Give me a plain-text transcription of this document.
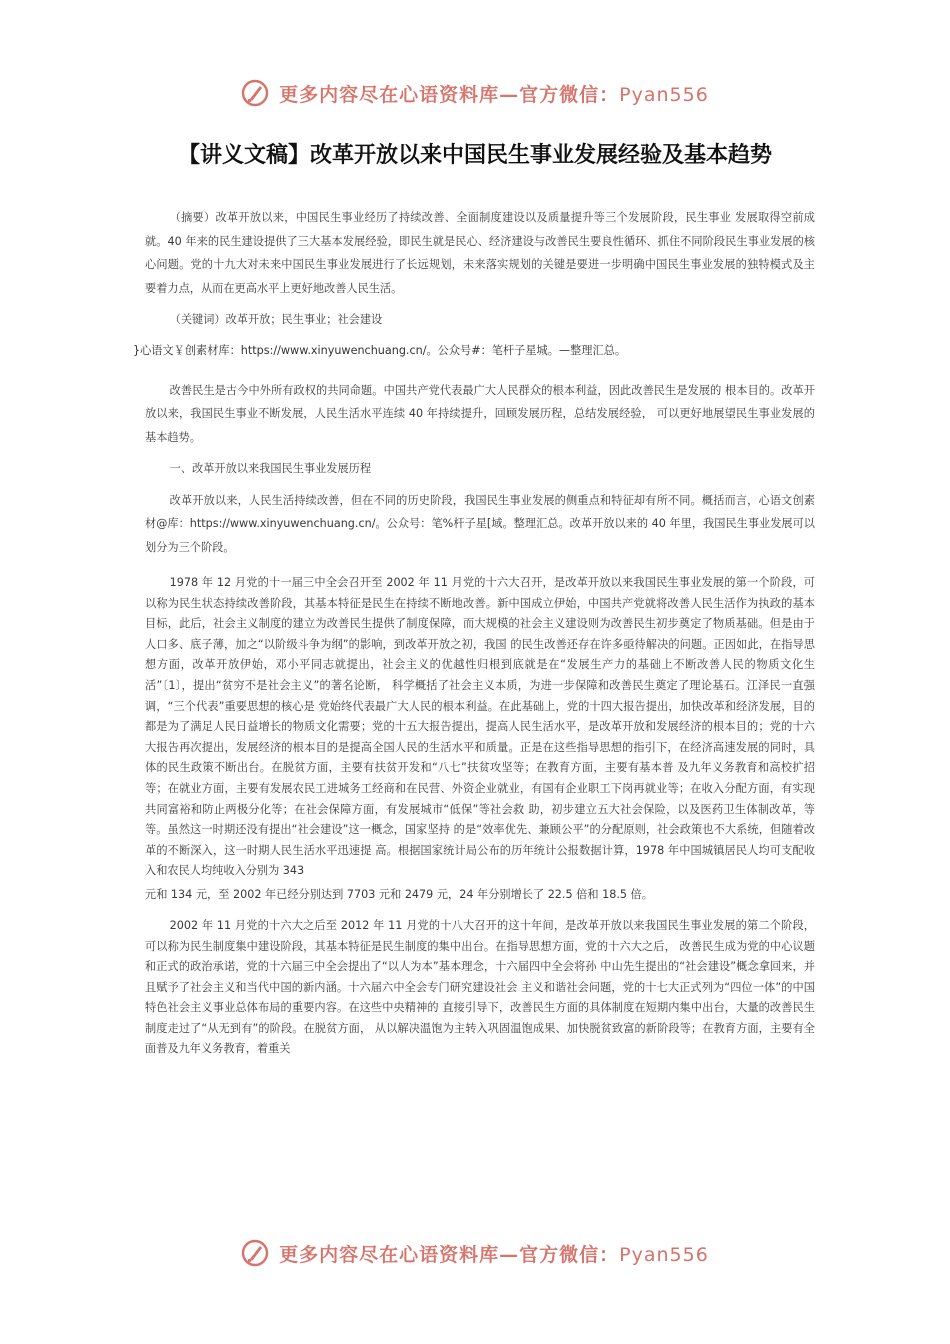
更多内容尽在心语资料库—官方微信：Pyan556
【讲义文稿】改革开放以来中国民生事业发展经验及基本趋势

（摘要）改革开放以来，中国民生事业经历了持续改善、全面制度建设以及质量提升等三个发展阶段，民生事业 发展取得空前成就。40 年来的民生建设提供了三大基本发展经验，即民生就是民心、经济建设与改善民生要良性循环、抓住不同阶段民生事业发展的核心问题。党的十九大对未来中国民生事业发展进行了长远规划，未来落实规划的关键是要进一步明确中国民生事业发展的独特模式及主要着力点，从而在更高水平上更好地改善人民生活。

（关键词）改革开放；民生事业；社会建设

改善民生是古今中外所有政权的共同命题。中国共产党代表最广大人民群众的根本利益，因此改善民生是发展的 根本目的。改革开放以来，我国民生事业不断发展，人民生活水平连续 40 年持续提升，回顾发展历程，总结发展经验， 可以更好地展望民生事业发展的基本趋势。

一、改革开放以来我国民生事业发展历程

改革开放以来，人民生活持续改善，但在不同的历史阶段，我国民生事业发展的侧重点和特征却有所不同。概括而言，心语文创素材@库：https://www.xinyuwenchuang.cn/。公众号：笔%杆子星[域。整理汇总。改革开放以来的 40 年里，我国民生事业发展可以划分为三个阶段。

1978 年 12 月党的十一届三中全会召开至 2002 年 11 月党的十六大召开，是改革开放以来我国民生事业发展的第一个阶段，可以称为民生状态持续改善阶段，其基本特征是民生在持续不断地改善。新中国成立伊始，中国共产党就将改善人民生活作为执政的基本目标，此后，社会主义制度的建立为改善民生提供了制度保障，而大规模的社会主义建设则为改善民生初步奠定了物质基础。但是由于人口多、底子薄，加之“以阶级斗争为纲”的影响，到改革开放之初，我国 的民生改善还存在许多亟待解决的问题。正因如此，在指导思想方面，改革开放伊始，邓小平同志就提出，社会主义的优越性归根到底就是在“发展生产力的基础上不断改善人民的物质文化生活”〔1〕，提出“贫穷不是社会主义”的著名论断， 科学概括了社会主义本质，为进一步保障和改善民生奠定了理论基石。江泽民一直强调，“三个代表”重要思想的核心是 党始终代表最广大人民的根本利益。在此基础上，党的十四大报告提出，加快改革和经济发展，目的都是为了满足人民日益增长的物质文化需要；党的十五大报告提出，提高人民生活水平，是改革开放和发展经济的根本目的；党的十六大报告再次提出，发展经济的根本目的是提高全国人民的生活水平和质量。正是在这些指导思想的指引下，在经济高速发展的同时，具体的民生政策不断出台。在脱贫方面，主要有扶贫开发和“八七”扶贫攻坚等；在教育方面，主要有基本普 及九年义务教育和高校扩招等；在就业方面，主要有发展农民工进城务工经商和在民营、外资企业就业，有国有企业职工下岗再就业等；在收入分配方面，有实现共同富裕和防止两极分化等；在社会保障方面，有发展城市“低保”等社会救 助，初步建立五大社会保险，以及医药卫生体制改革，等等。虽然这一时期还没有提出“社会建设”这一概念，国家坚持 的是“效率优先、兼顾公平”的分配原则，社会政策也不大系统，但随着改革的不断深入，这一时期人民生活水平迅速提 高。根据国家统计局公布的历年统计公报数据计算，1978 年中国城镇居民人均可支配收入和农民人均纯收入分别为 343

元和 134 元，至 2002 年已经分别达到 7703 元和 2479 元，24 年分别增长了 22.5 倍和 18.5 倍。

2002 年 11 月党的十六大之后至 2012 年 11 月党的十八大召开的这十年间，是改革开放以来我国民生事业发展的第二个阶段，可以称为民生制度集中建设阶段，其基本特征是民生制度的集中出台。在指导思想方面，党的十六大之后， 改善民生成为党的中心议题和正式的政治承诺，党的十六届三中全会提出了“以人为本”基本理念，十六届四中全会将孙 中山先生提出的“社会建设”概念拿回来，并且赋予了社会主义和当代中国的新内涵。十六届六中全会专门研究建设社会 主义和谐社会问题，党的十七大正式列为“四位一体”的中国特色社会主义事业总体布局的重要内容。在这些中央精神的 直接引导下，改善民生方面的具体制度在短期内集中出台，大量的改善民生制度走过了“从无到有”的阶段。在脱贫方面， 从以解决温饱为主转入巩固温饱成果、加快脱贫致富的新阶段等；在教育方面，主要有全面普及九年义务教育，着重关

}心语文￥创素材库：https://www.xinyuwenchuang.cn/。公众号#：笔杆子星城。—整理汇总。
更多内容尽在心语资料库—官方微信：Pyan556
